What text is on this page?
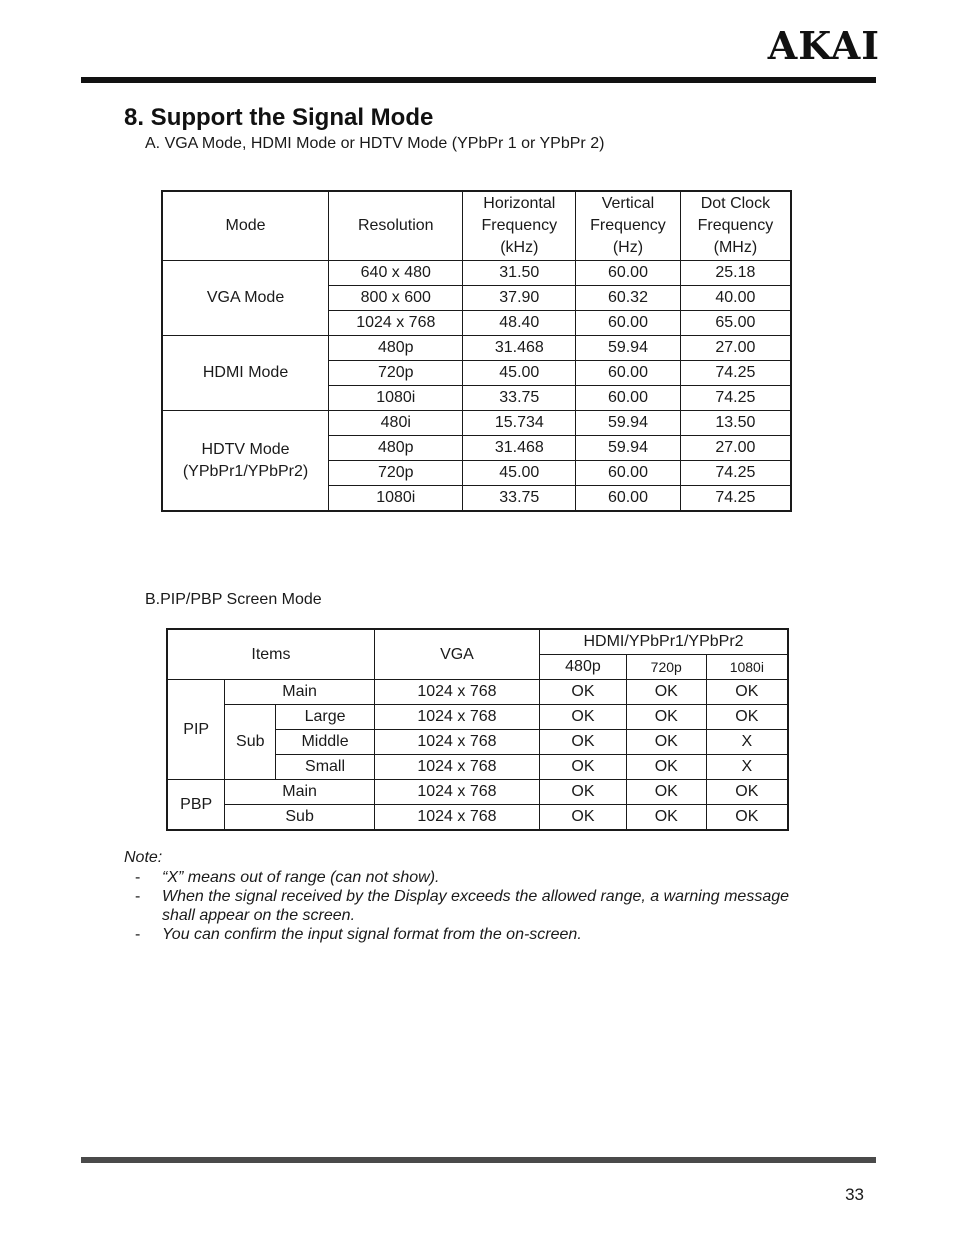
AKAI
8. Support the Signal Mode

A. VGA Mode, HDMI Mode or HDTV Mode (YPbPr 1 or YPbPr 2)

Mode	Resolution	Horizontal
Frequency
(kHz)	Vertical
Frequency
(Hz)	Dot Clock
Frequency
(MHz)
VGA Mode	640 x 480	31.50	60.00	25.18
	800 x 600	37.90	60.32	40.00
	1024 x 768	48.40	60.00	65.00
HDMI Mode	480p	31.468	59.94	27.00
	720p	45.00	60.00	74.25
	1080i	33.75	60.00	74.25
HDTV Mode
(YPbPr1/YPbPr2)	480i	15.734	59.94	13.50
	480p	31.468	59.94	27.00
	720p	45.00	60.00	74.25
	1080i	33.75	60.00	74.25

B.PIP/PBP Screen Mode

Items			VGA	HDMI/YPbPr1/YPbPr2		
				480p	720p	1080i
PIP	Main		1024 x 768	OK	OK	OK
	Sub	Large	1024 x 768	OK	OK	OK
		Middle	1024 x 768	OK	OK	X
		Small	1024 x 768	OK	OK	X
PBP	Main		1024 x 768	OK	OK	OK
	Sub		1024 x 768	OK	OK	OK

Note:

- “X” means out of range (can not show).
- When the signal received by the Display exceeds the allowed range, a warning message shall appear on the screen.
- You can confirm the input signal format from the on-screen.
33
